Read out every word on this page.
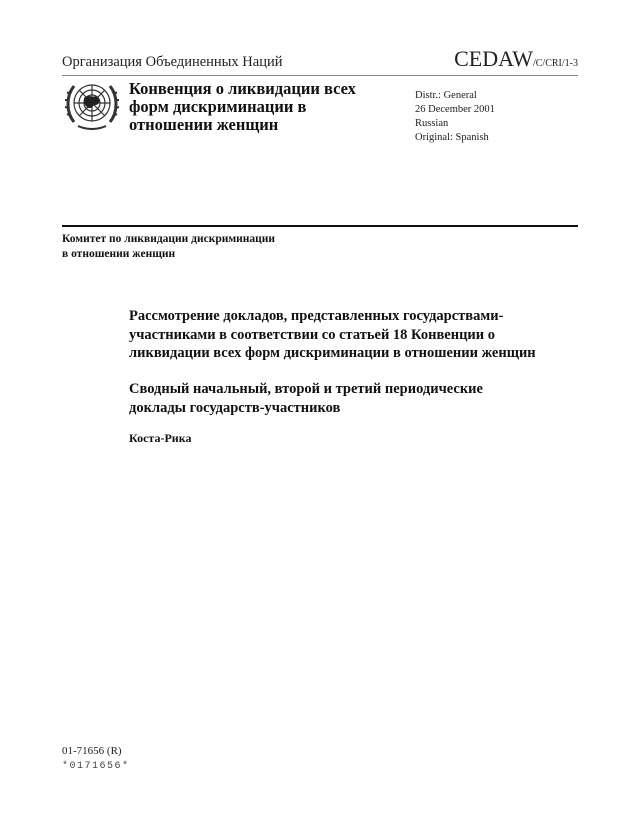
Организация Объединенных Наций	CEDAW/C/CRI/1-3
Конвенция о ликвидации всех
форм дискриминации в
отношении женщин
Distr.: General
26 December 2001
Russian
Original: Spanish
Комитет по ликвидации дискриминации
в отношении женщин
Рассмотрение докладов, представленных государствами-
участниками в соответствии со статьей 18 Конвенции о
ликвидации всех форм дискриминации в отношении женщин
Сводный начальный, второй и третий периодические
доклады государств-участников
Коста-Рика
01-71656 (R)
*0171656*
